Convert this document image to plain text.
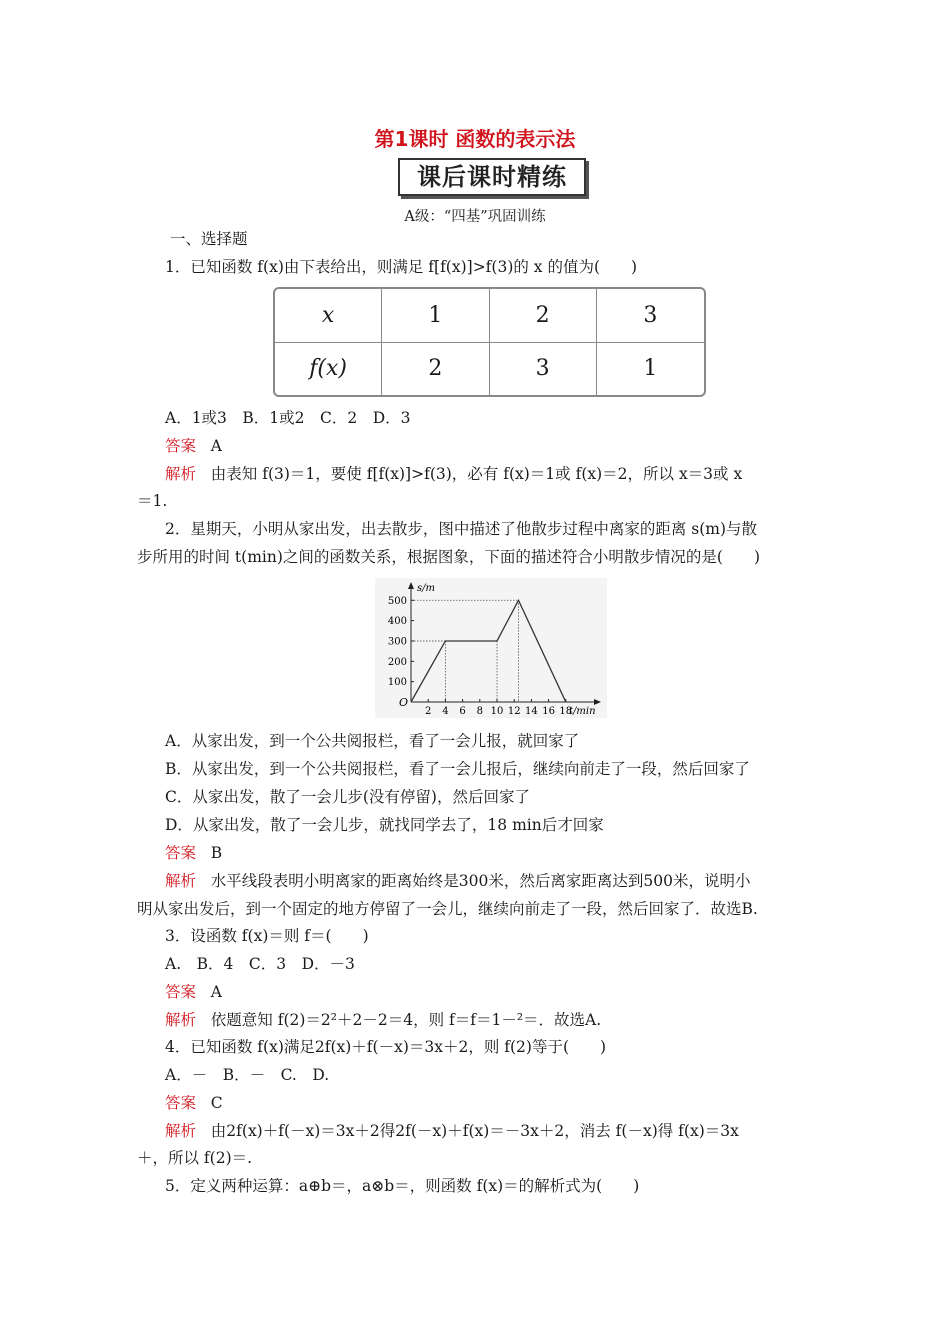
第1课时 函数的表示法
课后课时精练
A级：“四基”巩固训练
一、选择题
1．已知函数 f(x)由下表给出，则满足 f[f(x)]>f(3)的 x 的值为(　　)
x	1	2	3
f(x)	2	3	1
A．1或3　B．1或2　C．2　D．3
答案 A
解析 由表知 f(3)＝1，要使 f[f(x)]>f(3)，必有 f(x)＝1或 f(x)＝2，所以 x＝3或 x
＝1.
2．星期天，小明从家出发，出去散步，图中描述了他散步过程中离家的距离 s(m)与散
步所用的时间 t(min)之间的函数关系，根据图象，下面的描述符合小明散步情况的是(　　)
s/m
t/min
O
2 4 6 8 10 12 14 16 18
100
200
300
400
500
A．从家出发，到一个公共阅报栏，看了一会儿报，就回家了
B．从家出发，到一个公共阅报栏，看了一会儿报后，继续向前走了一段，然后回家了
C．从家出发，散了一会儿步(没有停留)，然后回家了
D．从家出发，散了一会儿步，就找同学去了，18 min后才回家
答案 B
解析 水平线段表明小明离家的距离始终是300米，然后离家距离达到500米，说明小
明从家出发后，到一个固定的地方停留了一会儿，继续向前走了一段，然后回家了．故选B.
3．设函数 f(x)＝则 f＝(　　)
A.　B．4　C．3　D．－3
答案 A
解析 依题意知 f(2)＝2²＋2－2＝4，则 f＝f＝1－²＝．故选A.
4．已知函数 f(x)满足2f(x)＋f(－x)＝3x＋2，则 f(2)等于(　　)
A．－　B．－　C.　D.
答案 C
解析 由2f(x)＋f(－x)＝3x＋2得2f(－x)＋f(x)＝－3x＋2，消去 f(－x)得 f(x)＝3x
＋，所以 f(2)＝.
5．定义两种运算：a⊕b＝，a⊗b＝，则函数 f(x)＝的解析式为(　　)
